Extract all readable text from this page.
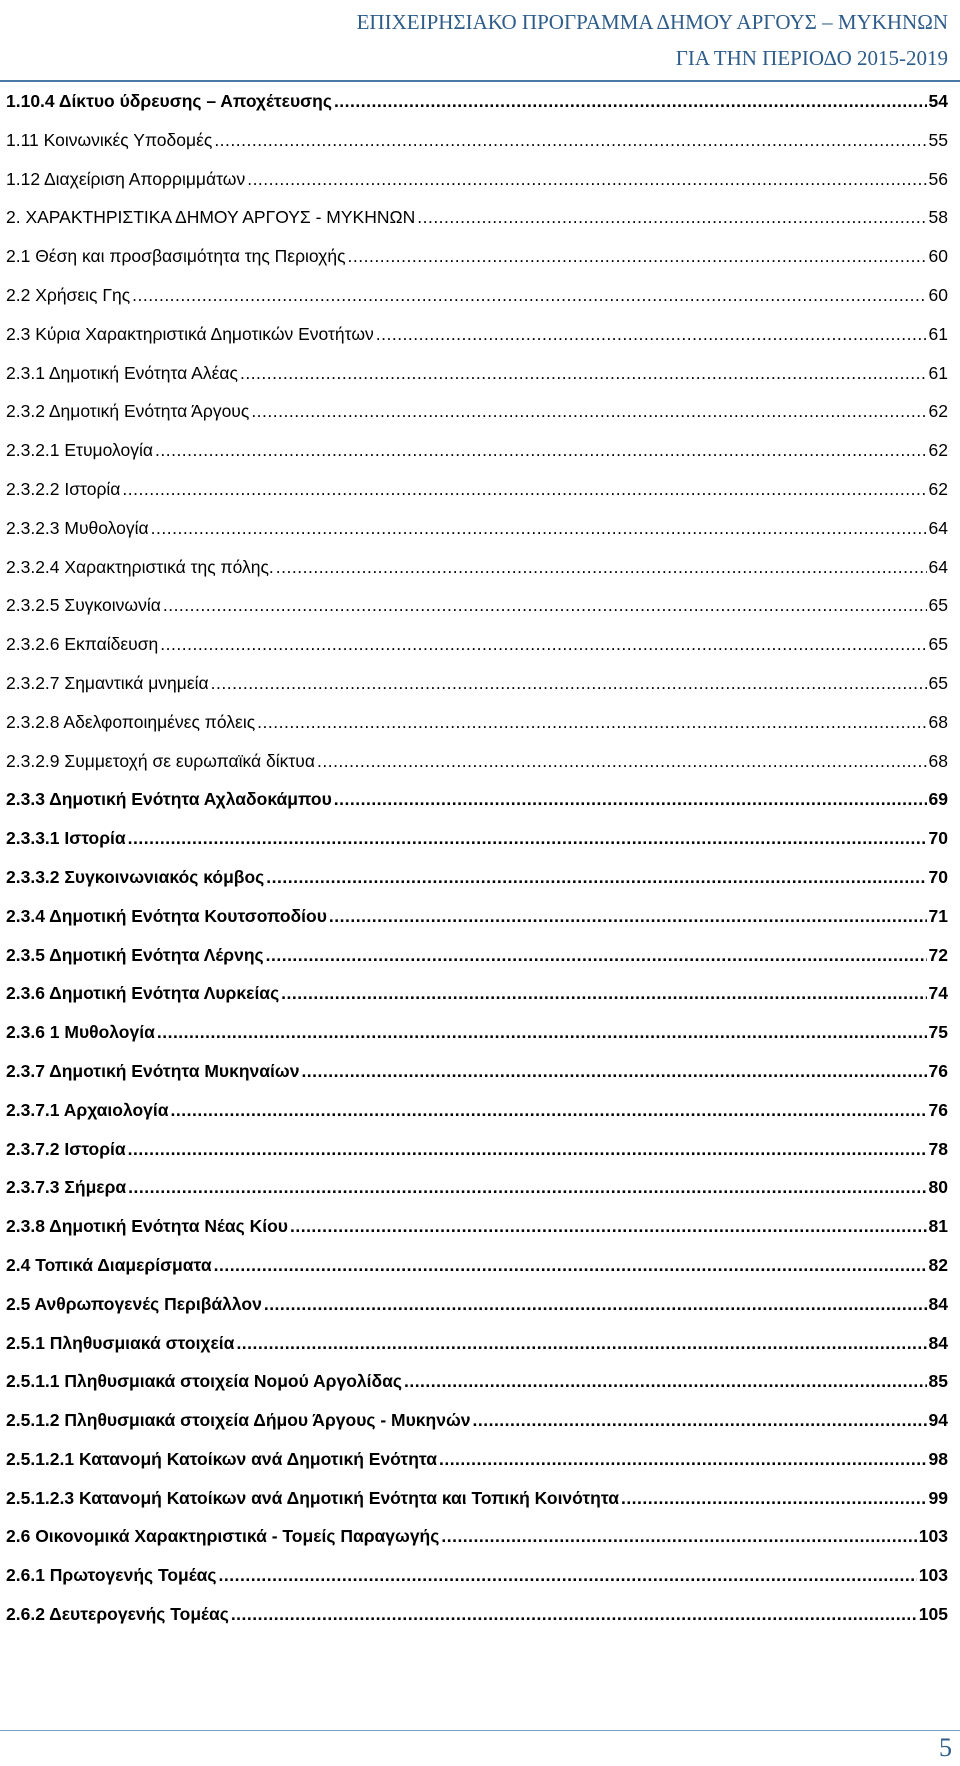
ΕΠΙΧΕΙΡΗΣΙΑΚΟ ΠΡΟΓΡΑΜΜΑ ΔΗΜΟΥ ΑΡΓΟΥΣ – ΜΥΚΗΝΩΝ
ΓΙΑ ΤΗΝ ΠΕΡΙΟΔΟ 2015-2019
1.10.4 Δίκτυο ύδρευσης – Αποχέτευσης .....	54
1.11 Κοινωνικές Υποδομές .....	55
1.12 Διαχείριση Απορριμμάτων .....	56
2. ΧΑΡΑΚΤΗΡΙΣΤΙΚΑ ΔΗΜΟΥ ΑΡΓΟΥΣ - ΜΥΚΗΝΩΝ .....	58
2.1 Θέση και προσβασιμότητα της Περιοχής .....	60
2.2 Χρήσεις Γης .....	60
2.3 Κύρια Χαρακτηριστικά Δημοτικών Ενοτήτων .....	61
2.3.1 Δημοτική Ενότητα Αλέας .....	61
2.3.2 Δημοτική Ενότητα Άργους .....	62
2.3.2.1 Ετυμολογία .....	62
2.3.2.2 Ιστορία .....	62
2.3.2.3 Μυθολογία .....	64
2.3.2.4 Χαρακτηριστικά της πόλης. .....	64
2.3.2.5 Συγκοινωνία .....	65
2.3.2.6 Εκπαίδευση .....	65
2.3.2.7 Σημαντικά μνημεία .....	65
2.3.2.8 Αδελφοποιημένες πόλεις .....	68
2.3.2.9 Συμμετοχή σε ευρωπαϊκά δίκτυα .....	68
2.3.3 Δημοτική Ενότητα Αχλαδοκάμπου .....	69
2.3.3.1 Ιστορία .....	70
2.3.3.2 Συγκοινωνιακός κόμβος .....	70
2.3.4 Δημοτική Ενότητα Κουτσοποδίου .....	71
2.3.5 Δημοτική Ενότητα Λέρνης .....	72
2.3.6 Δημοτική Ενότητα Λυρκείας .....	74
2.3.6 1 Μυθολογία .....	75
2.3.7 Δημοτική Ενότητα Μυκηναίων .....	76
2.3.7.1 Αρχαιολογία .....	76
2.3.7.2 Ιστορία .....	78
2.3.7.3 Σήμερα .....	80
2.3.8 Δημοτική Ενότητα Νέας Κίου .....	81
2.4 Τοπικά Διαμερίσματα .....	82
2.5 Ανθρωπογενές Περιβάλλον .....	84
2.5.1 Πληθυσμιακά στοιχεία .....	84
2.5.1.1 Πληθυσμιακά στοιχεία Νομού Αργολίδας .....	85
2.5.1.2 Πληθυσμιακά στοιχεία Δήμου Άργους - Μυκηνών .....	94
2.5.1.2.1 Κατανομή Κατοίκων ανά Δημοτική Ενότητα .....	98
2.5.1.2.3 Κατανομή Κατοίκων ανά Δημοτική Ενότητα και Τοπική Κοινότητα .....	99
2.6 Οικονομικά Χαρακτηριστικά - Τομείς Παραγωγής .....	103
2.6.1 Πρωτογενής Τομέας .....	103
2.6.2 Δευτερογενής Τομέας .....	105
5
